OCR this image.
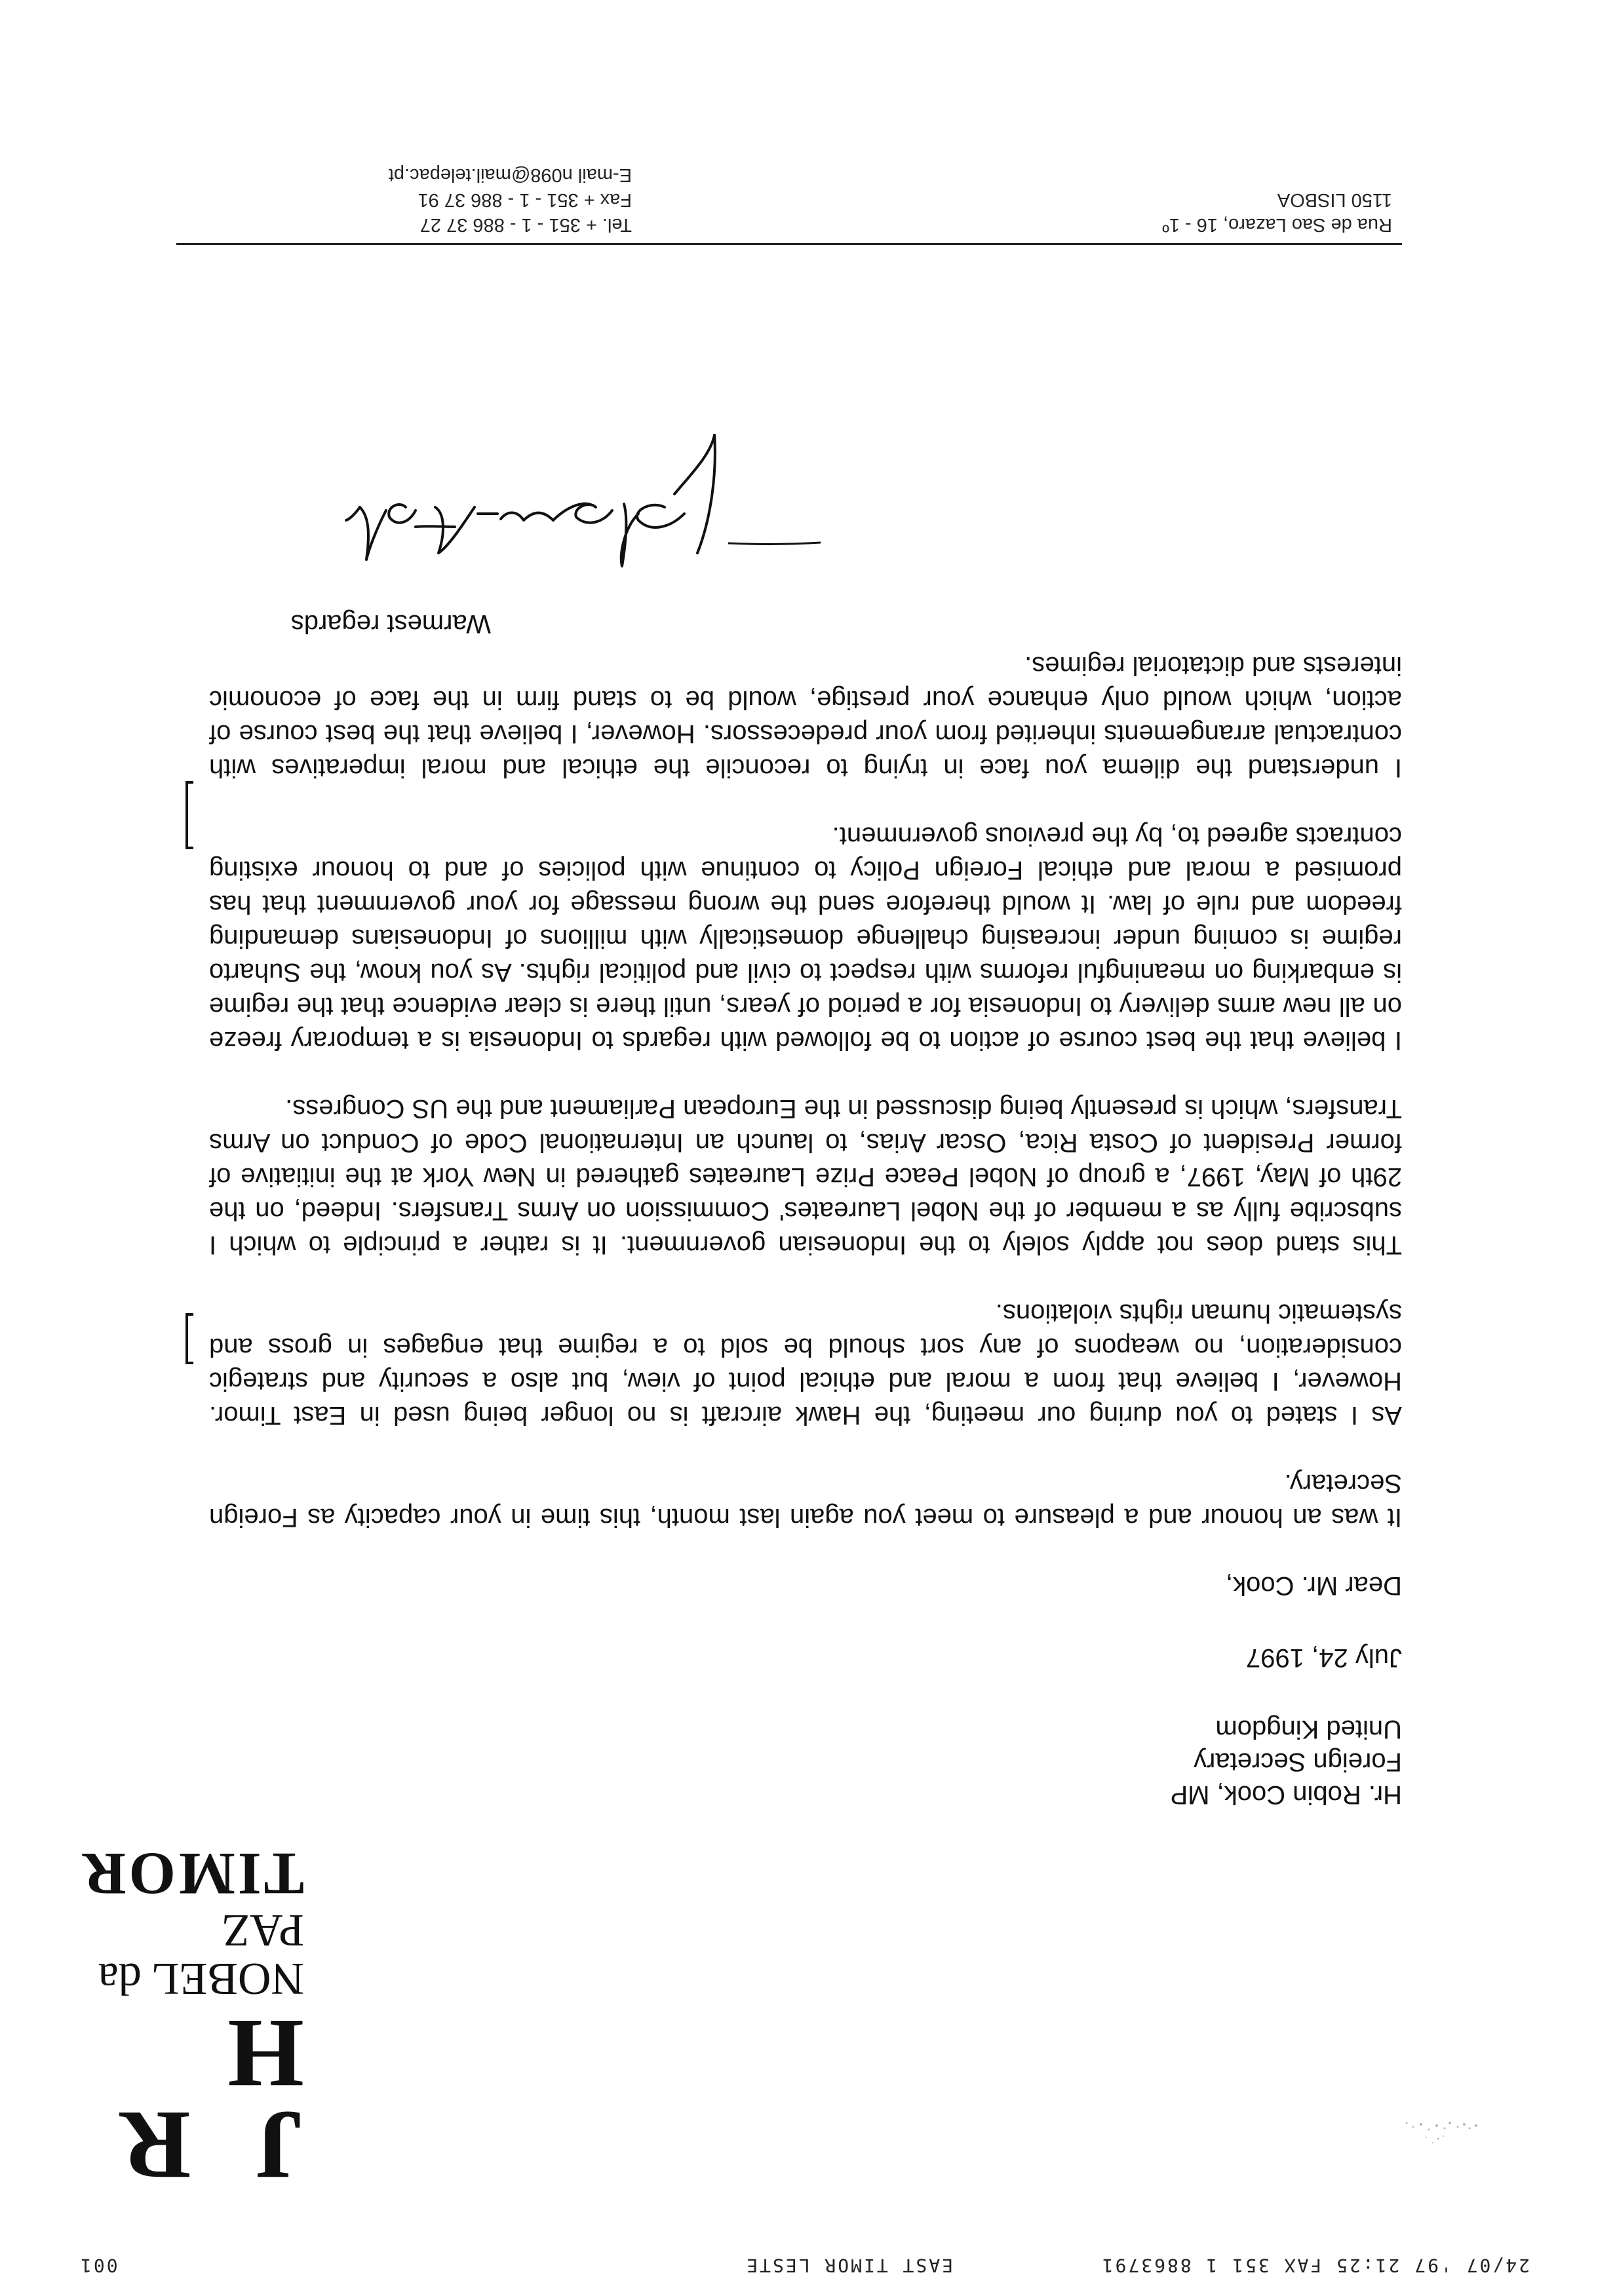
24/07 '97 21:25 FAX 351 1 8863791
EAST TIMOR LESTE
001
J R H
NOBEL da PAZ
TIMOR
Hr. Robin Cook, MP
Foreign Secretary
United Kingdom
July 24, 1997
Dear Mr. Cook,
It was an honour and a pleasure to meet you again last month, this time in your capacity as Foreign Secretary.
As I stated to you during our meeting, the Hawk aircraft is no longer being used in East Timor. However, I believe that from a moral and ethical point of view, but also a security and strategic consideration, no weapons of any sort should be sold to a regime that engages in gross and systematic human rights violations.
This stand does not apply solely to the Indonesian government. It is rather a principle to which I subscribe fully as a member of the Nobel Laureates' Commission on Arms Transfers. Indeed, on the 29th of May, 1997, a group of Nobel Peace Prize Laureates gathered in New York at the initiative of former President of Costa Rica, Oscar Arias, to launch an International Code of Conduct on Arms Transfers, which is presently being discussed in the European Parliament and the US Congress.
I believe that the best course of action to be followed with regards to Indonesia is a temporary freeze on all new arms delivery to Indonesia for a period of years, until there is clear evidence that the regime is embarking on meaningful reforms with respect to civil and political rights. As you know, the Suharto regime is coming under increasing challenge domestically with millions of Indonesians demanding freedom and rule of law. It would therefore send the wrong message for your government that has promised a moral and ethical Foreign Policy to continue with policies of and to honour existing contracts agreed to, by the previous government.
I understand the dilema you face in trying to reconcile the ethical and moral imperatives with contractual arrangements inherited from your predecessors. However, I believe that the best course of action, which would only enhance your prestige, would be to stand firm in the face of economic interests and dictatorial regimes.
Warmest regards
Rua de Sao Lazaro, 16 - 1º
1150 LISBOA
Tel. + 351 - 1 - 886 37 27
Fax + 351 - 1 - 886 37 91
E-mail n098@mail.telepac.pt
